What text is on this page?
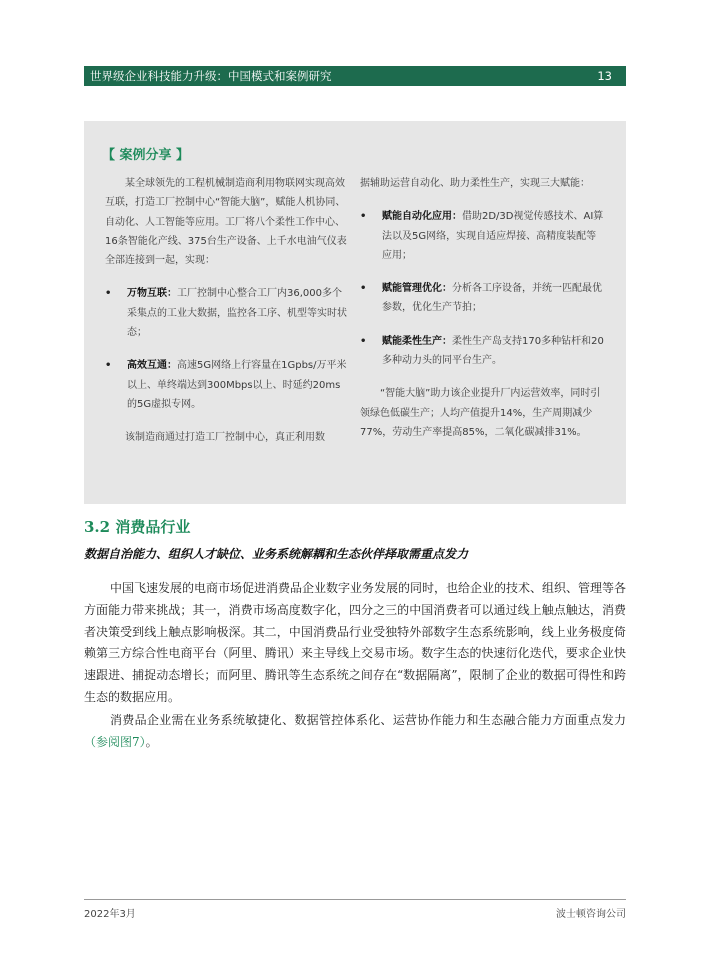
世界级企业科技能力升级：中国模式和案例研究	13
【 案例分享 】

某全球领先的工程机械制造商利用物联网实现高效互联，打造工厂控制中心“智能大脑”，赋能人机协同、自动化、人工智能等应用。工厂将八个柔性工作中心、16条智能化产线、375台生产设备、上千水电油气仪表全部连接到一起，实现：

• 万物互联：工厂控制中心整合工厂内36,000多个采集点的工业大数据，监控各工序、机型等实时状态；
• 高效互通：高速5G网络上行容量在1Gpbs/万平米以上、单终端达到300Mbps以上、时延约20ms的5G虚拟专网。

该制造商通过打造工厂控制中心，真正利用数

据辅助运营自动化、助力柔性生产，实现三大赋能：

• 赋能自动化应用：借助2D/3D视觉传感技术、AI算法以及5G网络，实现自适应焊接、高精度装配等应用；
• 赋能管理优化：分析各工序设备，并统一匹配最优参数，优化生产节拍；
• 赋能柔性生产：柔性生产岛支持170多种钻杆和20多种动力头的同平台生产。

“智能大脑”助力该企业提升厂内运营效率，同时引领绿色低碳生产；人均产值提升14%，生产周期减少77%，劳动生产率提高85%，二氧化碳减排31%。

3.2 消费品行业
数据自治能力、组织人才缺位、业务系统解耦和生态伙伴择取需重点发力

中国飞速发展的电商市场促进消费品企业数字业务发展的同时，也给企业的技术、组织、管理等各方面能力带来挑战；其一，消费市场高度数字化，四分之三的中国消费者可以通过线上触点触达，消费者决策受到线上触点影响极深。其二，中国消费品行业受独特外部数字生态系统影响，线上业务极度倚赖第三方综合性电商平台（阿里、腾讯）来主导线上交易市场。数字生态的快速衍化迭代，要求企业快速跟进、捕捉动态增长；而阿里、腾讯等生态系统之间存在“数据隔离”，限制了企业的数据可得性和跨生态的数据应用。

消费品企业需在业务系统敏捷化、数据管控体系化、运营协作能力和生态融合能力方面重点发力（参阅图7）。

2022年3月	波士顿咨询公司
